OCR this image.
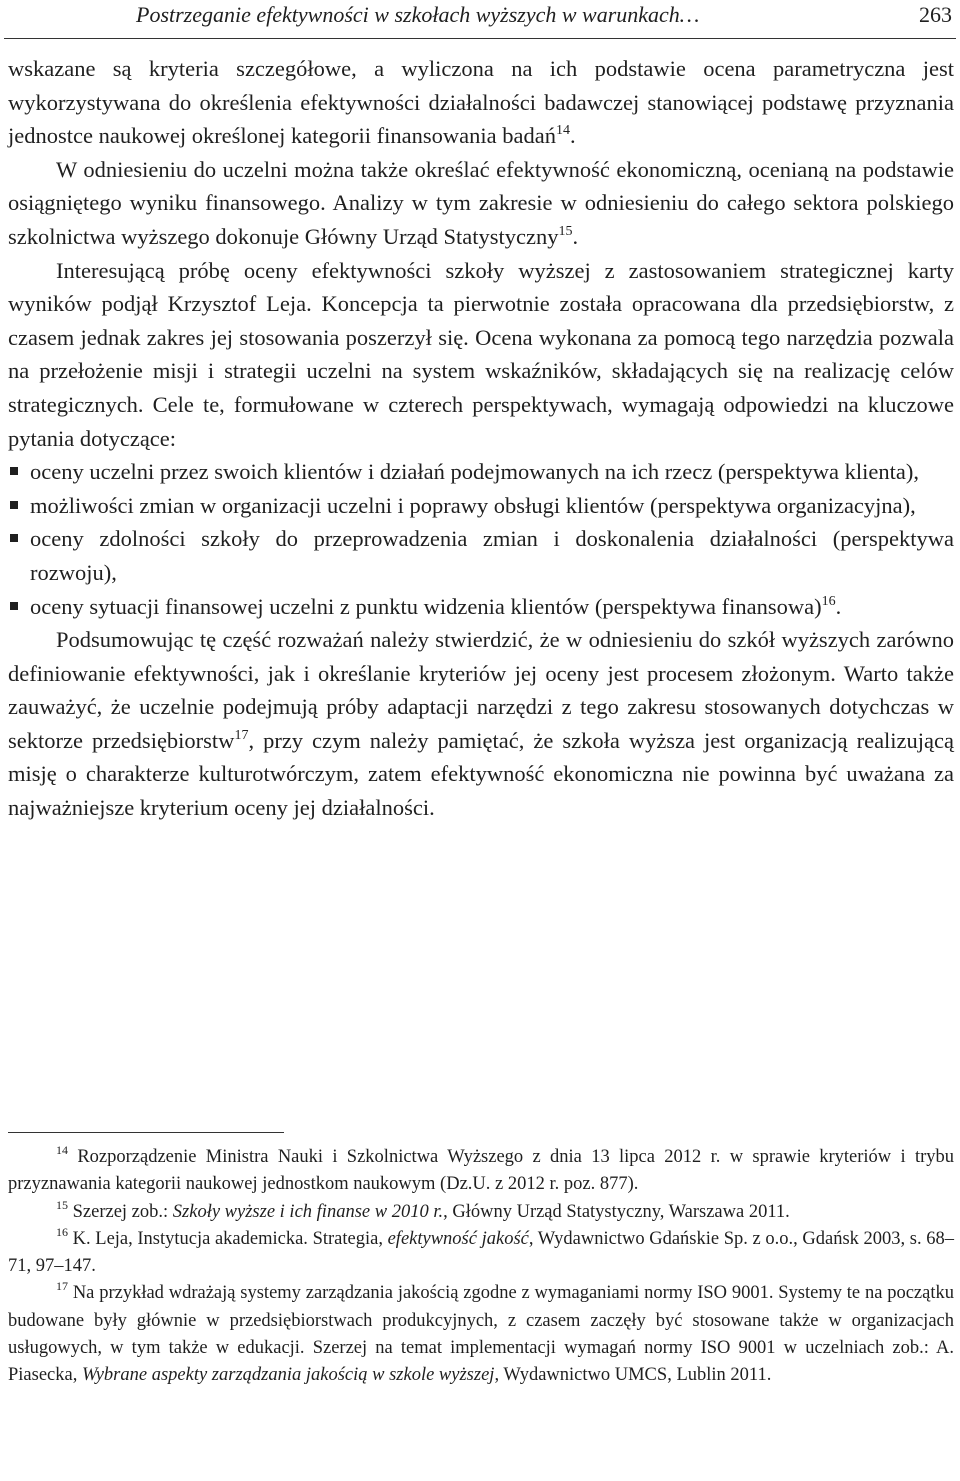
Postrzeganie efektywności w szkołach wyższych w warunkach…	263

wskazane są kryteria szczegółowe, a wyliczona na ich podstawie ocena parametryczna jest wykorzystywana do określenia efektywności działalności badawczej stanowiącej podstawę przyznania jednostce naukowej określonej kategorii finansowania badań$^{14}$.

W odniesieniu do uczelni można także określać efektywność ekonomiczną, ocenianą na podstawie osiągniętego wyniku finansowego. Analizy w tym zakresie w odniesieniu do całego sektora polskiego szkolnictwa wyższego dokonuje Główny Urząd Statystyczny$^{15}$.

Interesującą próbę oceny efektywności szkoły wyższej z zastosowaniem strategicznej karty wyników podjął Krzysztof Leja. Koncepcja ta pierwotnie została opracowana dla przedsiębiorstw, z czasem jednak zakres jej stosowania poszerzył się. Ocena wykonana za pomocą tego narzędzia pozwala na przełożenie misji i strategii uczelni na system wskaźników, składających się na realizację celów strategicznych. Cele te, formułowane w czterech perspektywach, wymagają odpowiedzi na kluczowe pytania dotyczące:

oceny uczelni przez swoich klientów i działań podejmowanych na ich rzecz (perspektywa klienta),
możliwości zmian w organizacji uczelni i poprawy obsługi klientów (perspektywa organizacyjna),
oceny zdolności szkoły do przeprowadzenia zmian i doskonalenia działalności (perspektywa rozwoju),
oceny sytuacji finansowej uczelni z punktu widzenia klientów (perspektywa finansowa)$^{16}$.

Podsumowując tę część rozważań należy stwierdzić, że w odniesieniu do szkół wyższych zarówno definiowanie efektywności, jak i określanie kryteriów jej oceny jest procesem złożonym. Warto także zauważyć, że uczelnie podejmują próby adaptacji narzędzi z tego zakresu stosowanych dotychczas w sektorze przedsiębiorstw$^{17}$, przy czym należy pamiętać, że szkoła wyższa jest organizacją realizującą misję o charakterze kulturotwórczym, zatem efektywność ekonomiczna nie powinna być uważana za najważniejsze kryterium oceny jej działalności.

$^{14}$ Rozporządzenie Ministra Nauki i Szkolnictwa Wyższego z dnia 13 lipca 2012 r. w sprawie kryteriów i trybu przyznawania kategorii naukowej jednostkom naukowym (Dz.U. z 2012 r. poz. 877).

$^{15}$ Szerzej zob.: Szkoły wyższe i ich finanse w 2010 r., Główny Urząd Statystyczny, Warszawa 2011.

$^{16}$ K. Leja, Instytucja akademicka. Strategia, efektywność jakość, Wydawnictwo Gdańskie Sp. z o.o., Gdańsk 2003, s. 68–71, 97–147.

$^{17}$ Na przykład wdrażają systemy zarządzania jakością zgodne z wymaganiami normy ISO 9001. Systemy te na początku budowane były głównie w przedsiębiorstwach produkcyjnych, z czasem zaczęły być stosowane także w organizacjach usługowych, w tym także w edukacji. Szerzej na temat implementacji wymagań normy ISO 9001 w uczelniach zob.: A. Piasecka, Wybrane aspekty zarządzania jakością w szkole wyższej, Wydawnictwo UMCS, Lublin 2011.
